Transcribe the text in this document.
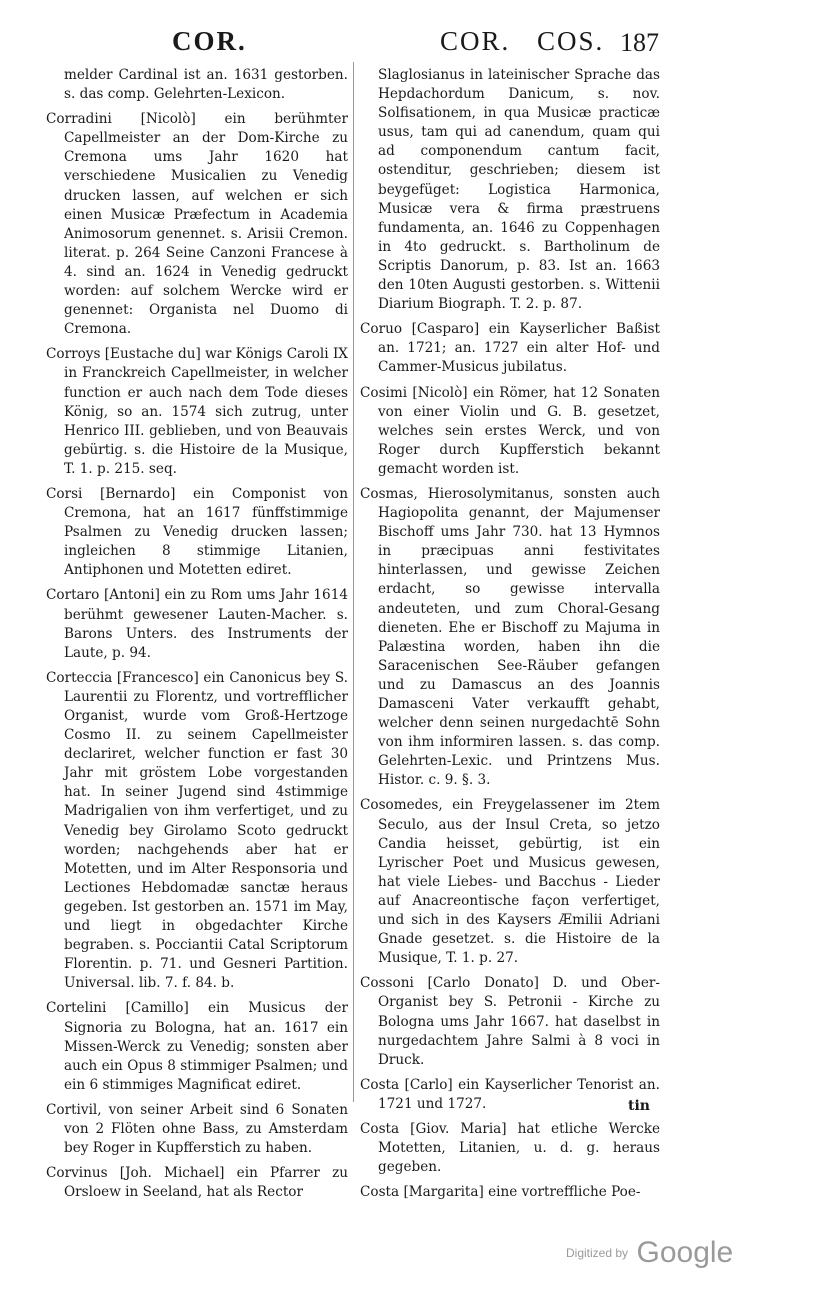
COR.	COR. COS. 187

melder Cardinal ist an. 1631 gestorben. s. das comp. Gelehrten-Lexicon.

Corradini [Nicolò] ein berühmter Capellmeister an der Dom-Kirche zu Cremona ums Jahr 1620 hat verschiedene Musicalien zu Venedig drucken lassen, auf welchen er sich einen Musicæ Præfectum in Academia Animosorum genennet. s. Arisii Cremon. literat. p. 264 Seine Canzoni Francese à 4. sind an. 1624 in Venedig gedruckt worden: auf solchem Wercke wird er genennet: Organista nel Duomo di Cremona.

Corroys [Eustache du] war Königs Caroli IX in Franckreich Capellmeister, in welcher function er auch nach dem Tode dieses König, so an. 1574 sich zutrug, unter Henrico III. geblieben, und von Beauvais gebürtig. s. die Histoire de la Musique, T. 1. p. 215. seq.

Corsi [Bernardo] ein Componist von Cremona, hat an 1617 fünffstimmige Psalmen zu Venedig drucken lassen; ingleichen 8 stimmige Litanien, Antiphonen und Motetten ediret.

Cortaro [Antoni] ein zu Rom ums Jahr 1614 berühmt gewesener Lauten-Macher. s. Barons Unters. des Instruments der Laute, p. 94.

Corteccia [Francesco] ein Canonicus bey S. Laurentii zu Florentz, und vortrefflicher Organist, wurde vom Groß-Hertzoge Cosmo II. zu seinem Capellmeister declariret, welcher function er fast 30 Jahr mit gröstem Lobe vorgestanden hat. In seiner Jugend sind 4stimmige Madrigalien von ihm verfertiget, und zu Venedig bey Girolamo Scoto gedruckt worden; nachgehends aber hat er Motetten, und im Alter Responsoria und Lectiones Hebdomadæ sanctæ heraus gegeben. Ist gestorben an. 1571 im May, und liegt in obgedachter Kirche begraben. s. Pocciantii Catal Scriptorum Florentin. p. 71. und Gesneri Partition. Universal. lib. 7. f. 84. b.

Cortelini [Camillo] ein Musicus der Signoria zu Bologna, hat an. 1617 ein Missen-Werck zu Venedig; sonsten aber auch ein Opus 8 stimmiger Psalmen; und ein 6 stimmiges Magnificat ediret.

Cortivil, von seiner Arbeit sind 6 Sonaten von 2 Flöten ohne Bass, zu Amsterdam bey Roger in Kupfferstich zu haben.

Corvinus [Joh. Michael] ein Pfarrer zu Orsloew in Seeland, hat als Rector

Slaglosianus in lateinischer Sprache das Hepdachordum Danicum, s. nov. Solfisationem, in qua Musicæ practicæ usus, tam qui ad canendum, quam qui ad componendum cantum facit, ostenditur, geschrieben; diesem ist beygefüget: Logistica Harmonica, Musicæ vera & firma præstruens fundamenta, an. 1646 zu Coppenhagen in 4to gedruckt. s. Bartholinum de Scriptis Danorum, p. 83. Ist an. 1663 den 10ten Augusti gestorben. s. Wittenii Diarium Biograph. T. 2. p. 87.

Coruo [Casparo] ein Kayserlicher Baßist an. 1721; an. 1727 ein alter Hof- und Cammer-Musicus jubilatus.

Cosimi [Nicolò] ein Römer, hat 12 Sonaten von einer Violin und G. B. gesetzet, welches sein erstes Werck, und von Roger durch Kupfferstich bekannt gemacht worden ist.

Cosmas, Hierosolymitanus, sonsten auch Hagiopolita genannt, der Majumenser Bischoff ums Jahr 730. hat 13 Hymnos in præcipuas anni festivitates hinterlassen, und gewisse Zeichen erdacht, so gewisse intervalla andeuteten, und zum Choral-Gesang dieneten. Ehe er Bischoff zu Majuma in Palæstina worden, haben ihn die Saracenischen See-Räuber gefangen und zu Damascus an des Joannis Damasceni Vater verkaufft gehabt, welcher denn seinen nurgedachtē Sohn von ihm informiren lassen. s. das comp. Gelehrten-Lexic. und Printzens Mus. Histor. c. 9. §. 3.

Cosomedes, ein Freygelassener im 2tem Seculo, aus der Insul Creta, so jetzo Candia heisset, gebürtig, ist ein Lyrischer Poet und Musicus gewesen, hat viele Liebes- und Bacchus - Lieder auf Anacreontische façon verfertiget, und sich in des Kaysers Æmilii Adriani Gnade gesetzet. s. die Histoire de la Musique, T. 1. p. 27.

Cossoni [Carlo Donato] D. und Ober-Organist bey S. Petronii - Kirche zu Bologna ums Jahr 1667. hat daselbst in nurgedachtem Jahre Salmi à 8 voci in Druck.

Costa [Carlo] ein Kayserlicher Tenorist an. 1721 und 1727.

Costa [Giov. Maria] hat etliche Wercke Motetten, Litanien, u. d. g. heraus gegeben.

Costa [Margarita] eine vortreffliche Poe-

tin
Digitized by Google
